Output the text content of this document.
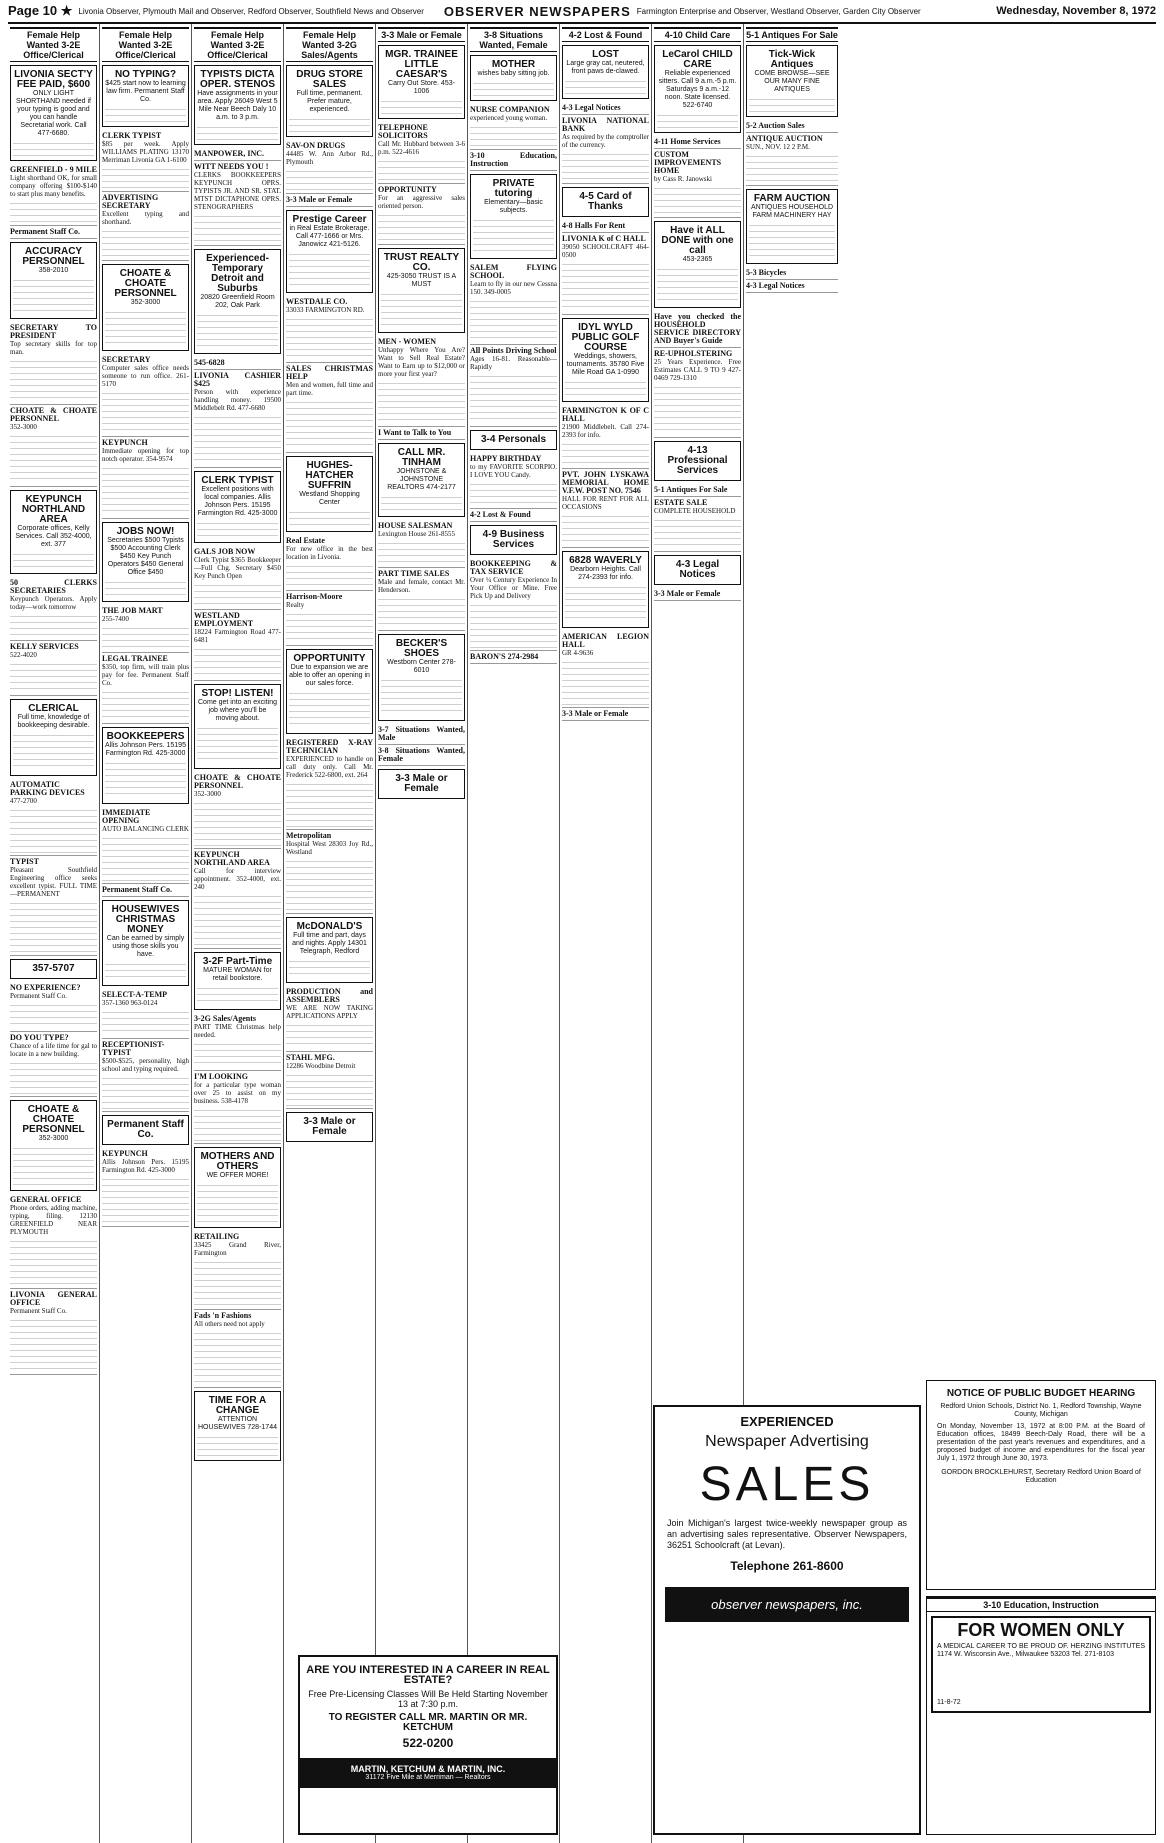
Page 10 ★ Livonia Observer, Plymouth Mail and Observer, Redford Observer, Southfield News and Observer	OBSERVER NEWSPAPERS Farmington Enterprise and Observer, Westland Observer, Garden City Observer	Wednesday, November 8, 1972
Female Help Wanted 3-2E Office/Clerical
LIVONIA SECT'Y FEE PAID, $600
ONLY LIGHT SHORTHAND needed if your typing is good and you can handle Secretarial work. Call 477-6680.
GREENFIELD - 9 MILE
Light shorthand OK, for small company offering $100-$140 to start plus many benefits.
Permanent Staff Co.
ACCURACY PERSONNEL
358-2010
SECRETARY TO PRESIDENT
Top secretary skills for top man.
CHOATE & CHOATE PERSONNEL
352-3000
KEYPUNCH NORTHLAND AREA
Corporate offices, Kelly Services. Call 352-4000, ext. 377
50 CLERKS SECRETARIES
Keypunch Operators. Apply today—work tomorrow
KELLY SERVICES
522-4020
CLERICAL
Full time, knowledge of bookkeeping desirable.
AUTOMATIC PARKING DEVICES
477-2700
TYPIST
Pleasant Southfield Engineering office seeks excellent typist. FULL TIME—PERMANENT
357-5707
NO EXPERIENCE?
Permanent Staff Co.
DO YOU TYPE?
Chance of a life time for gal to locate in a new building.
CHOATE & CHOATE PERSONNEL
352-3000
GENERAL OFFICE
Phone orders, adding machine, typing, filing. 12130 GREENFIELD NEAR PLYMOUTH
LIVONIA GENERAL OFFICE
Permanent Staff Co.
Female Help Wanted 3-2E Office/Clerical
NO TYPING?
$425 start now to learning law firm. Permanent Staff Co.
CLERK TYPIST
$85 per week. Apply WILLIAMS PLATING 13170 Merriman Livonia GA 1-6100
ADVERTISING SECRETARY
Excellent typing and shorthand.
CHOATE & CHOATE PERSONNEL
352-3000
SECRETARY
Computer sales office needs someone to run office. 261-5170
KEYPUNCH
Immediate opening for top notch operator. 354-9574
JOBS NOW!
Secretaries $500 Typists $500 Accounting Clerk $450 Key Punch Operators $450 General Office $450
THE JOB MART
255-7400
LEGAL TRAINEE
$350, top firm, will train plus pay for fee. Permanent Staff Co.
BOOKKEEPERS
Allis Johnson Pers. 15195 Farmington Rd. 425-3000
IMMEDIATE OPENING
AUTO BALANCING CLERK
Permanent Staff Co.
HOUSEWIVES CHRISTMAS MONEY
Can be earned by simply using those skills you have.
SELECT-A-TEMP
357-1360 963-0124
RECEPTIONIST-TYPIST
$500-$525, personality, high school and typing required.
Permanent Staff Co.
KEYPUNCH
Allis Johnson Pers. 15195 Farmington Rd. 425-3000
Female Help Wanted 3-2E Office/Clerical
TYPISTS DICTA OPER. STENOS
Have assignments in your area. Apply 26049 West 5 Mile Near Beech Daly 10 a.m. to 3 p.m.
MANPOWER, INC.
WITT NEEDS YOU !
CLERKS BOOKKEEPERS KEYPUNCH OPRS. TYPISTS JR. AND SR. STAT. MTST DICTAPHONE OPRS. STENOGRAPHERS
Experienced-Temporary Detroit and Suburbs
20820 Greenfield Room 202, Oak Park
545-6828
LIVONIA CASHIER $425
Person with experience handling money. 19500 Middlebelt Rd. 477-6680
CLERK TYPIST
Excellent positions with local companies. Allis Johnson Pers. 15195 Farmington Rd. 425-3000
GALS JOB NOW
Clerk Typist $365 Bookkeeper—Full Chg. Secretary $450 Key Punch Open
WESTLAND EMPLOYMENT
18224 Farmington Road 477-6481
STOP! LISTEN!
Come get into an exciting job where you'll be moving about.
CHOATE & CHOATE PERSONNEL
352-3000
KEYPUNCH NORTHLAND AREA
Call for interview appointment. 352-4000, ext. 240
3-2F Part-Time
MATURE WOMAN for retail bookstore.
3-2G Sales/Agents
PART TIME Christmas help needed.
I'M LOOKING
for a particular type woman over 25 to assist on my business. 538-4178
MOTHERS AND OTHERS
WE OFFER MORE!
RETAILING
33425 Grand River, Farmington
Fads 'n Fashions
All others need not apply
TIME FOR A CHANGE
ATTENTION HOUSEWIVES 728-1744
Female Help Wanted 3-2G Sales/Agents
DRUG STORE SALES
Full time, permanent. Prefer mature, experienced.
SAV-ON DRUGS
44485 W. Ann Arbor Rd., Plymouth
3-3 Male or Female
Prestige Career
in Real Estate Brokerage. Call 477-1666 or Mrs. Janowicz 421-5126.
WESTDALE CO.
33033 FARMINGTON RD.
SALES CHRISTMAS HELP
Men and women, full time and part time.
HUGHES-HATCHER SUFFRIN
Westland Shopping Center
Real Estate
For new office in the best location in Livonia.
Harrison-Moore
Realty
OPPORTUNITY
Due to expansion we are able to offer an opening in our sales force.
REGISTERED X-RAY TECHNICIAN
EXPERIENCED to handle on call duty only. Call Mr. Frederick 522-6800, ext. 264
Metropolitan
Hospital West 28303 Joy Rd., Westland
McDONALD'S
Full time and part, days and nights. Apply 14301 Telegraph, Redford
PRODUCTION and ASSEMBLERS
WE ARE NOW TAKING APPLICATIONS APPLY
STAHL MFG.
12286 Woodbine Detroit
3-3 Male or Female
3-3 Male or Female
MGR. TRAINEE LITTLE CAESAR'S
Carry Out Store. 453-1006
TELEPHONE SOLICITORS
Call Mr. Hubbard between 3-6 p.m. 522-4616
OPPORTUNITY
For an aggressive sales oriented person.
TRUST REALTY CO.
425-3050 TRUST IS A MUST
MEN - WOMEN
Unhappy Where You Are? Want to Sell Real Estate? Want to Earn up to $12,000 or more your first year?
I Want to Talk to You
CALL MR. TINHAM
JOHNSTONE & JOHNSTONE REALTORS 474-2177
HOUSE SALESMAN
Lexington House 261-8555
PART TIME SALES
Male and female, contact Mr. Henderson.
BECKER'S SHOES
Westborn Center 278-6010
3-7 Situations Wanted, Male
3-8 Situations Wanted, Female
3-3 Male or Female
3-8 Situations Wanted, Female
MOTHER
wishes baby sitting job.
NURSE COMPANION
experienced young woman.
3-10 Education, Instruction
PRIVATE tutoring
Elementary—basic subjects.
SALEM FLYING SCHOOL
Learn to fly in our new Cessna 150. 349-0005
All Points Driving School
Ages 16-81. Reasonable—Rapidly
3-4 Personals
HAPPY BIRTHDAY
to my FAVORITE SCORPIO. I LOVE YOU Candy.
4-2 Lost & Found
4-9 Business Services
BOOKKEEPING & TAX SERVICE
Over ¼ Century Experience In Your Office or Mine. Free Pick Up and Delivery
BARON'S 274-2984
4-2 Lost & Found
LOST
Large gray cat, neutered, front paws de-clawed.
4-3 Legal Notices
LIVONIA NATIONAL BANK
As required by the comptroller of the currency.
4-5 Card of Thanks
4-8 Halls For Rent
LIVONIA K of C HALL
39050 SCHOOLCRAFT 464-0500
IDYL WYLD PUBLIC GOLF COURSE
Weddings, showers, tournaments. 35780 Five Mile Road GA 1-0990
FARMINGTON K OF C HALL
21900 Middlebelt. Call 274-2393 for info.
PVT. JOHN LYSKAWA MEMORIAL HOME V.F.W. POST NO. 7546
HALL FOR RENT FOR ALL OCCASIONS
6828 WAVERLY
Dearborn Heights. Call 274-2393 for info.
AMERICAN LEGION HALL
GR 4-9636
3-3 Male or Female
4-10 Child Care
LeCarol CHILD CARE
Reliable experienced sitters. Call 9 a.m.-5 p.m. Saturdays 9 a.m.-12 noon. State licensed. 522-6740
4-11 Home Services
CUSTOM IMPROVEMENTS HOME
by Cass R. Janowski
Have it ALL DONE with one call
453-2365
Have you checked the HOUSEHOLD SERVICE DIRECTORY AND Buyer's Guide
RE-UPHOLSTERING
25 Years Experience. Free Estimates CALL 9 TO 9 427-0469 729-1310
4-13 Professional Services
5-1 Antiques For Sale
ESTATE SALE
COMPLETE HOUSEHOLD
4-3 Legal Notices
3-3 Male or Female
5-1 Antiques For Sale
Tick-Wick Antiques
COME BROWSE—SEE OUR MANY FINE ANTIQUES
5-2 Auction Sales
ANTIQUE AUCTION
SUN., NOV. 12 2 P.M.
FARM AUCTION
ANTIQUES HOUSEHOLD FARM MACHINERY HAY
5-3 Bicycles
4-3 Legal Notices
ARE YOU INTERESTED IN A CAREER IN REAL ESTATE?
Free Pre-Licensing Classes Will Be Held Starting November 13 at 7:30 p.m.
TO REGISTER CALL MR. MARTIN OR MR. KETCHUM
522-0200
MARTIN, KETCHUM & MARTIN, INC.
31172 Five Mile at Merriman — Realtors
EXPERIENCED
Newspaper Advertising
SALES
Join Michigan's largest twice-weekly newspaper group as an advertising sales representative. Observer Newspapers, 36251 Schoolcraft (at Levan).
Telephone 261-8600
observer newspapers, inc.
NOTICE OF PUBLIC BUDGET HEARING
Redford Union Schools, District No. 1, Redford Township, Wayne County, Michigan
On Monday, November 13, 1972 at 8:00 P.M. at the Board of Education offices, 18499 Beech-Daly Road, there will be a presentation of the past year's revenues and expenditures, and a proposed budget of income and expenditures for the fiscal year July 1, 1972 through June 30, 1973.
GORDON BROCKLEHURST, Secretary Redford Union Board of Education
3-10 Education, Instruction
FOR WOMEN ONLY
A MEDICAL CAREER TO BE PROUD OF. HERZING INSTITUTES 1174 W. Wisconsin Ave., Milwaukee 53203 Tel. 271-8103
11-8-72
